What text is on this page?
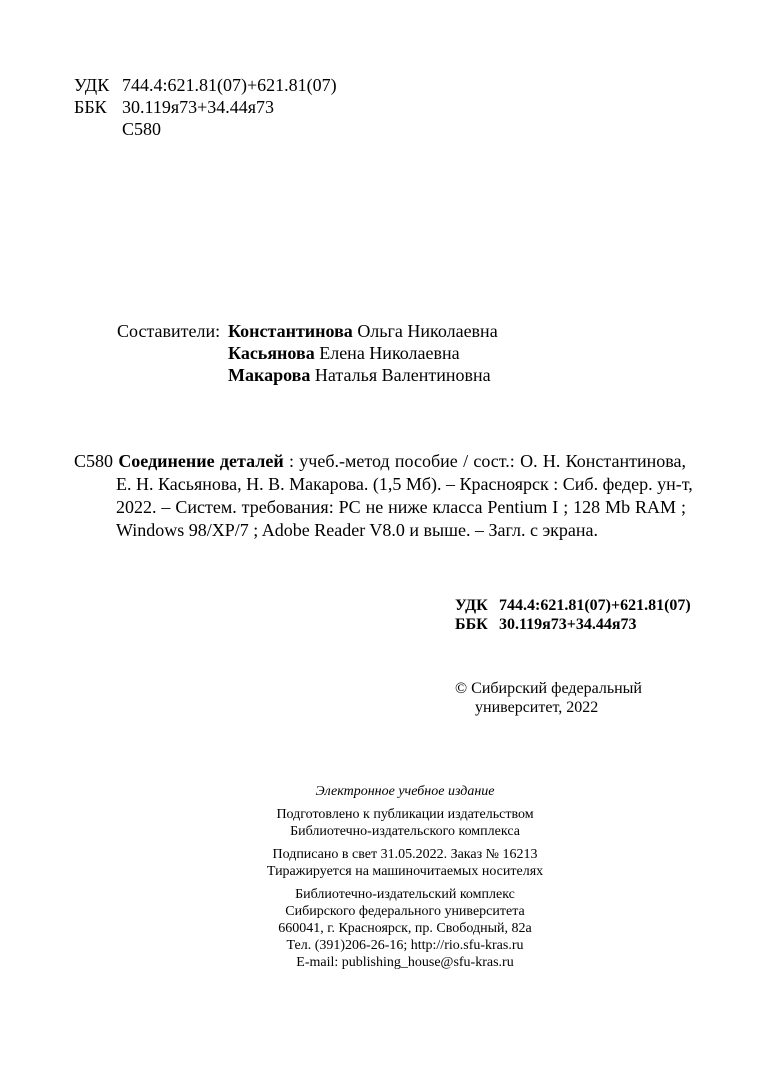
УДК 744.4:621.81(07)+621.81(07)
ББК 30.119я73+34.44я73
С580
Составители: Константинова Ольга Николаевна
Касьянова Елена Николаевна
Макарова Наталья Валентиновна
С580 Соединение деталей : учеб.-метод пособие / сост.: О. Н. Константинова,
Е. Н. Касьянова, Н. В. Макарова. (1,5 Мб). – Красноярск : Сиб. федер. ун-т,
2022. – Систем. требования: PC не ниже класса Pentium I ; 128 Mb RAM ;
Windows 98/XP/7 ; Adobe Reader V8.0 и выше. – Загл. с экрана.
УДК 744.4:621.81(07)+621.81(07)
ББК 30.119я73+34.44я73
© Сибирский федеральный
университет, 2022
Электронное учебное издание
Подготовлено к публикации издательством
Библиотечно-издательского комплекса
Подписано в свет 31.05.2022. Заказ № 16213
Тиражируется на машиночитаемых носителях
Библиотечно-издательский комплекс
Сибирского федерального университета
660041, г. Красноярск, пр. Свободный, 82а
Тел. (391)206-26-16; http://rio.sfu-kras.ru
E-mail: publishing_house@sfu-kras.ru
